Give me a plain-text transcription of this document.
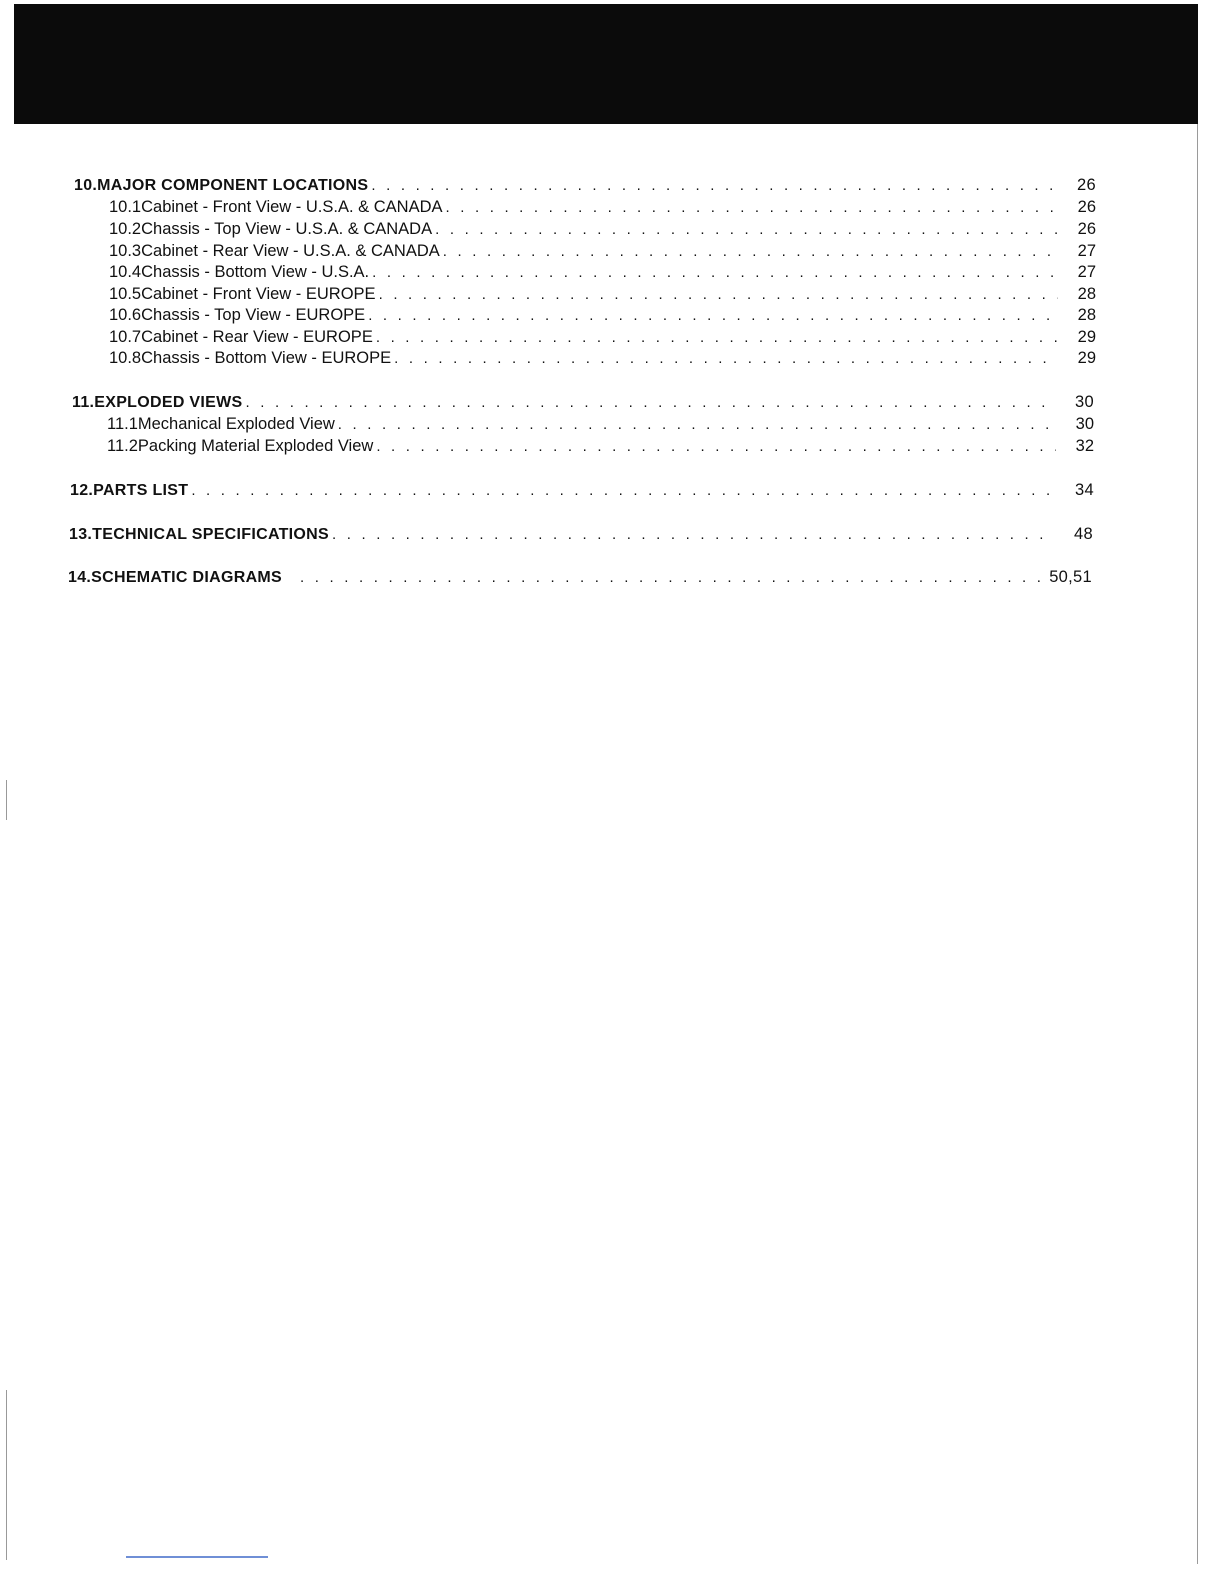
10. MAJOR COMPONENT LOCATIONS . . .	26
10.1 Cabinet - Front View - U.S.A. & CANADA . . .	26
10.2 Chassis - Top View - U.S.A. & CANADA . . .	26
10.3 Cabinet - Rear View - U.S.A. & CANADA . . .	27
10.4 Chassis - Bottom View - U.S.A. . . .	27
10.5 Cabinet - Front View - EUROPE . . .	28
10.6 Chassis - Top View - EUROPE . . .	28
10.7 Cabinet - Rear View - EUROPE . . .	29
10.8 Chassis - Bottom View - EUROPE . . .	29
11. EXPLODED VIEWS . . .	30
11.1 Mechanical Exploded View . . .	30
11.2 Packing Material Exploded View . . .	32
12. PARTS LIST . . .	34
13. TECHNICAL SPECIFICATIONS . . .	48
14. SCHEMATIC DIAGRAMS . . .	50,51
